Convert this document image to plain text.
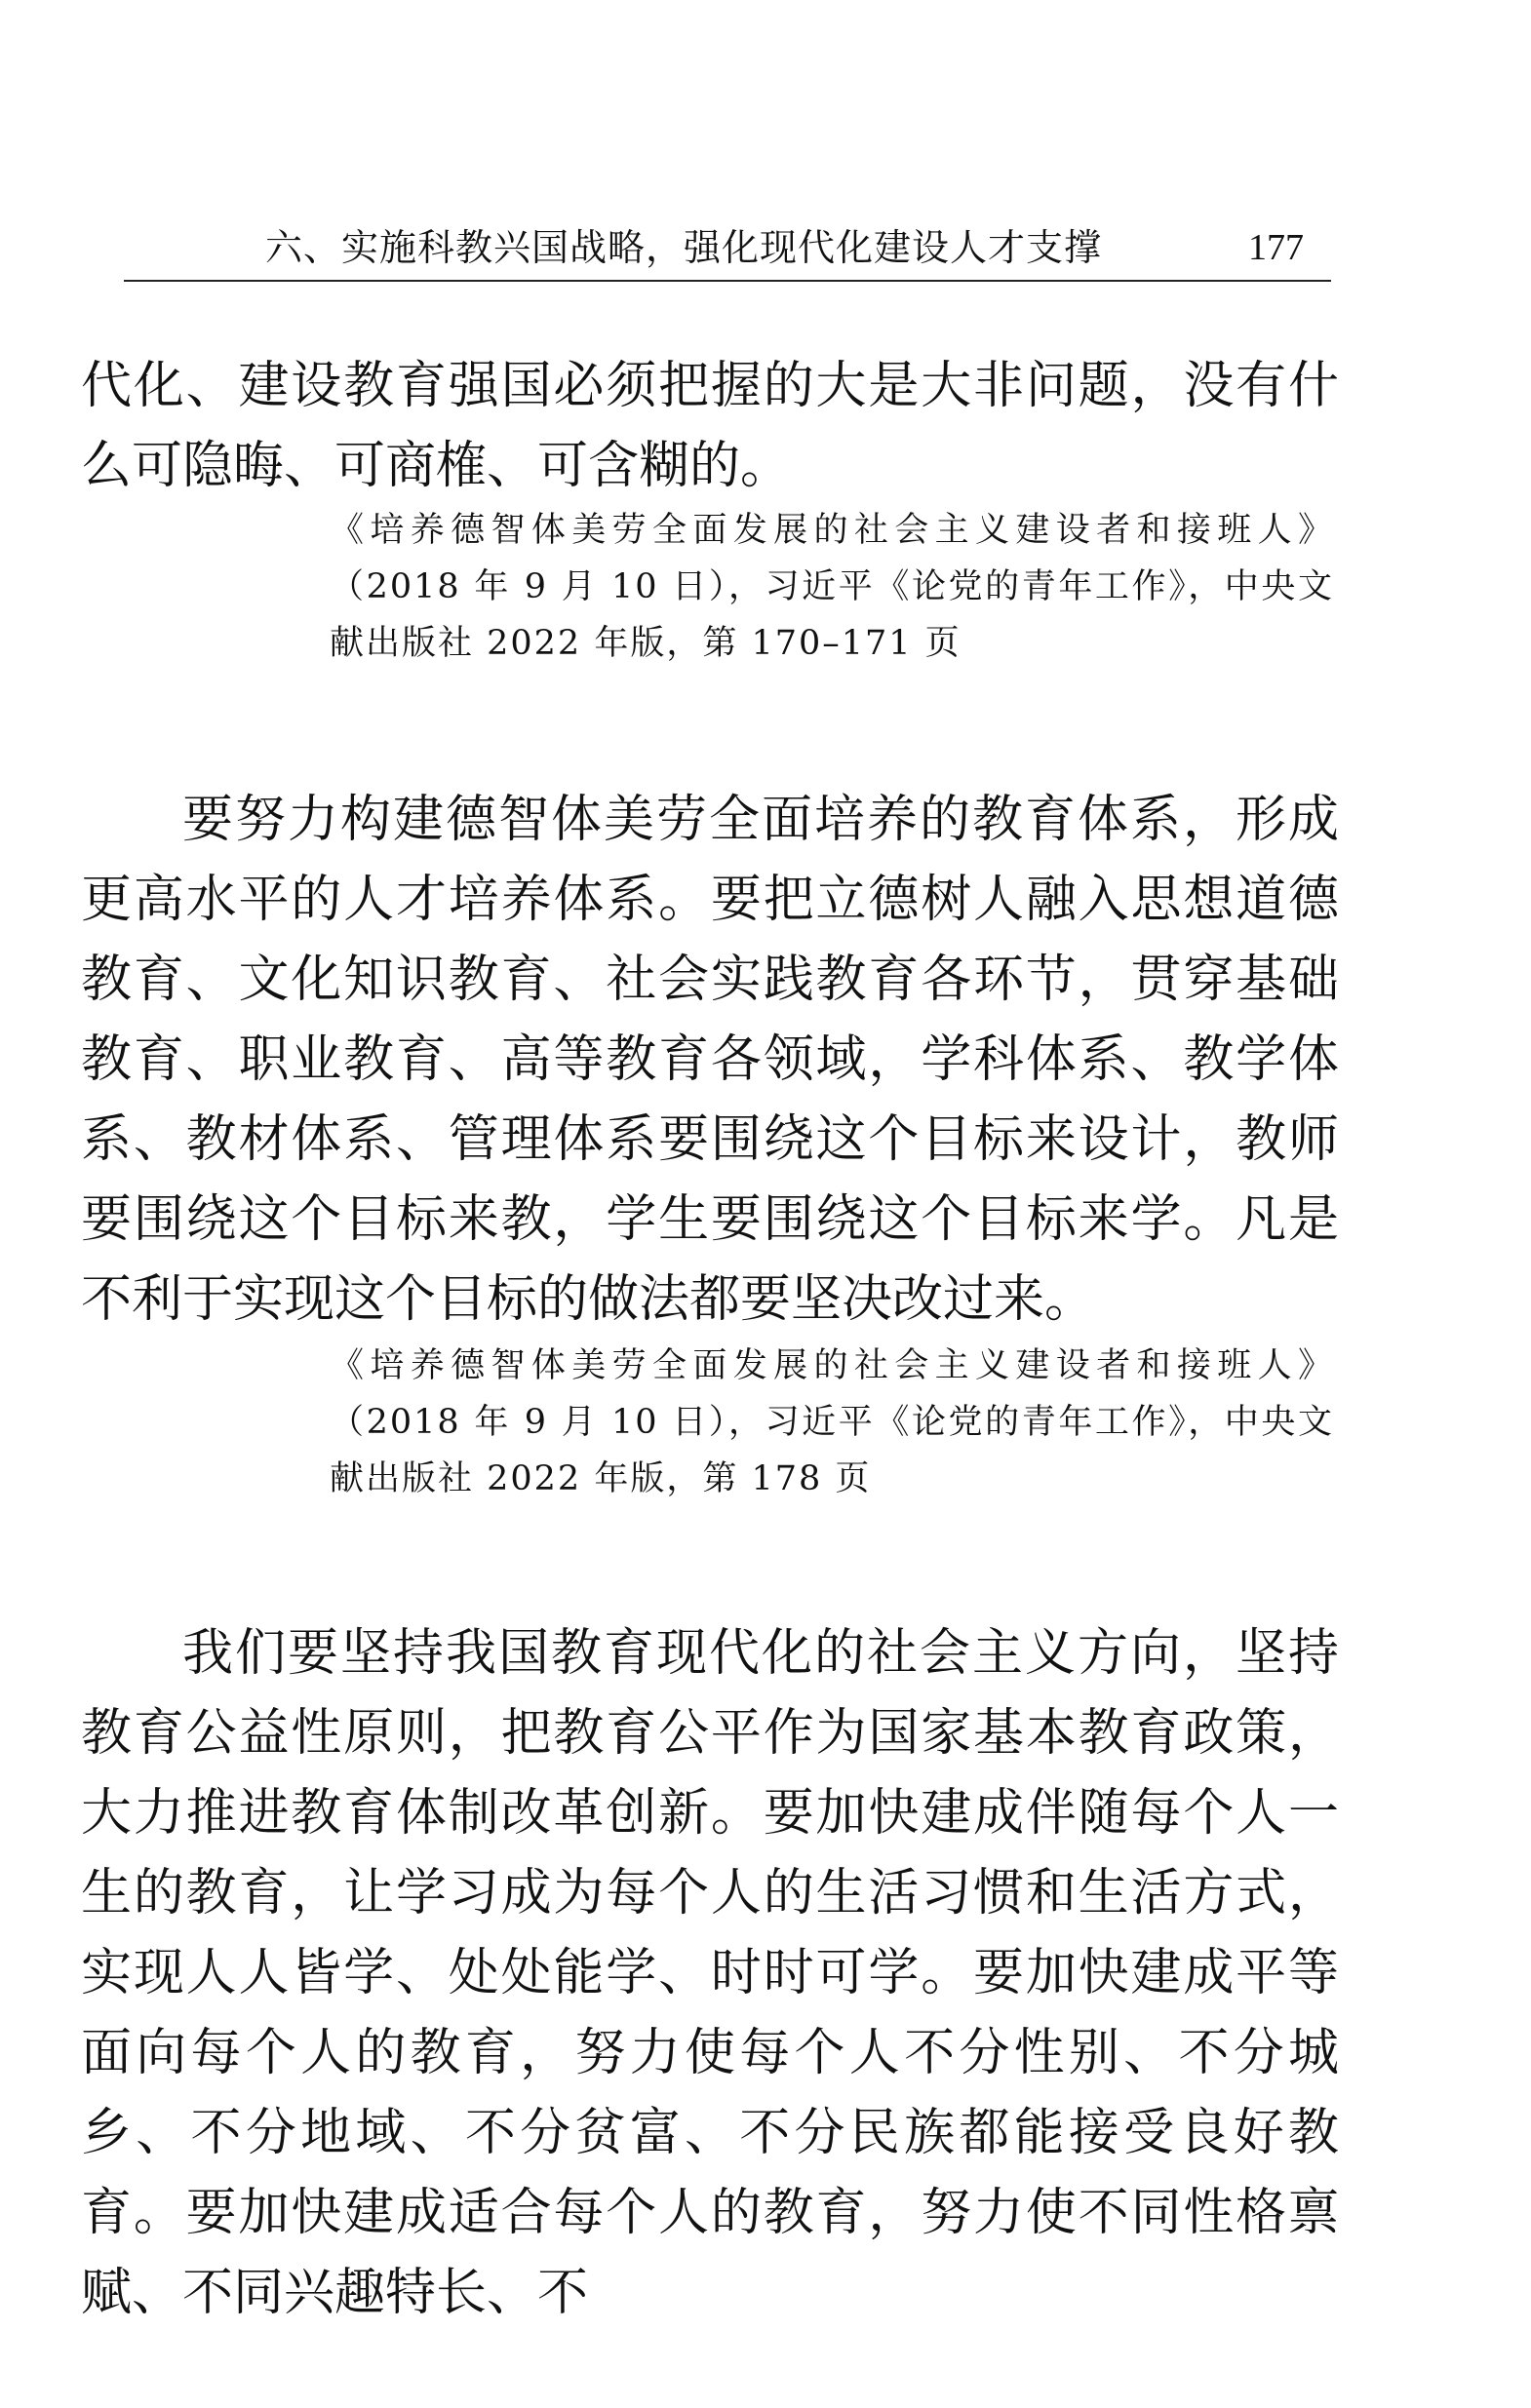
六、实施科教兴国战略，强化现代化建设人才支撑	177

代化、建设教育强国必须把握的大是大非问题，没有什么可隐晦、可商榷、可含糊的。

《培养德智体美劳全面发展的社会主义建设者和接班人》（2018 年 9 月 10 日），习近平《论党的青年工作》，中央文献出版社 2022 年版，第 170–171 页

要努力构建德智体美劳全面培养的教育体系，形成更高水平的人才培养体系。要把立德树人融入思想道德教育、文化知识教育、社会实践教育各环节，贯穿基础教育、职业教育、高等教育各领域，学科体系、教学体系、教材体系、管理体系要围绕这个目标来设计，教师要围绕这个目标来教，学生要围绕这个目标来学。凡是不利于实现这个目标的做法都要坚决改过来。

《培养德智体美劳全面发展的社会主义建设者和接班人》（2018 年 9 月 10 日），习近平《论党的青年工作》，中央文献出版社 2022 年版，第 178 页

我们要坚持我国教育现代化的社会主义方向，坚持教育公益性原则，把教育公平作为国家基本教育政策，大力推进教育体制改革创新。要加快建成伴随每个人一生的教育，让学习成为每个人的生活习惯和生活方式，实现人人皆学、处处能学、时时可学。要加快建成平等面向每个人的教育，努力使每个人不分性别、不分城乡、不分地域、不分贫富、不分民族都能接受良好教育。要加快建成适合每个人的教育，努力使不同性格禀赋、不同兴趣特长、不
